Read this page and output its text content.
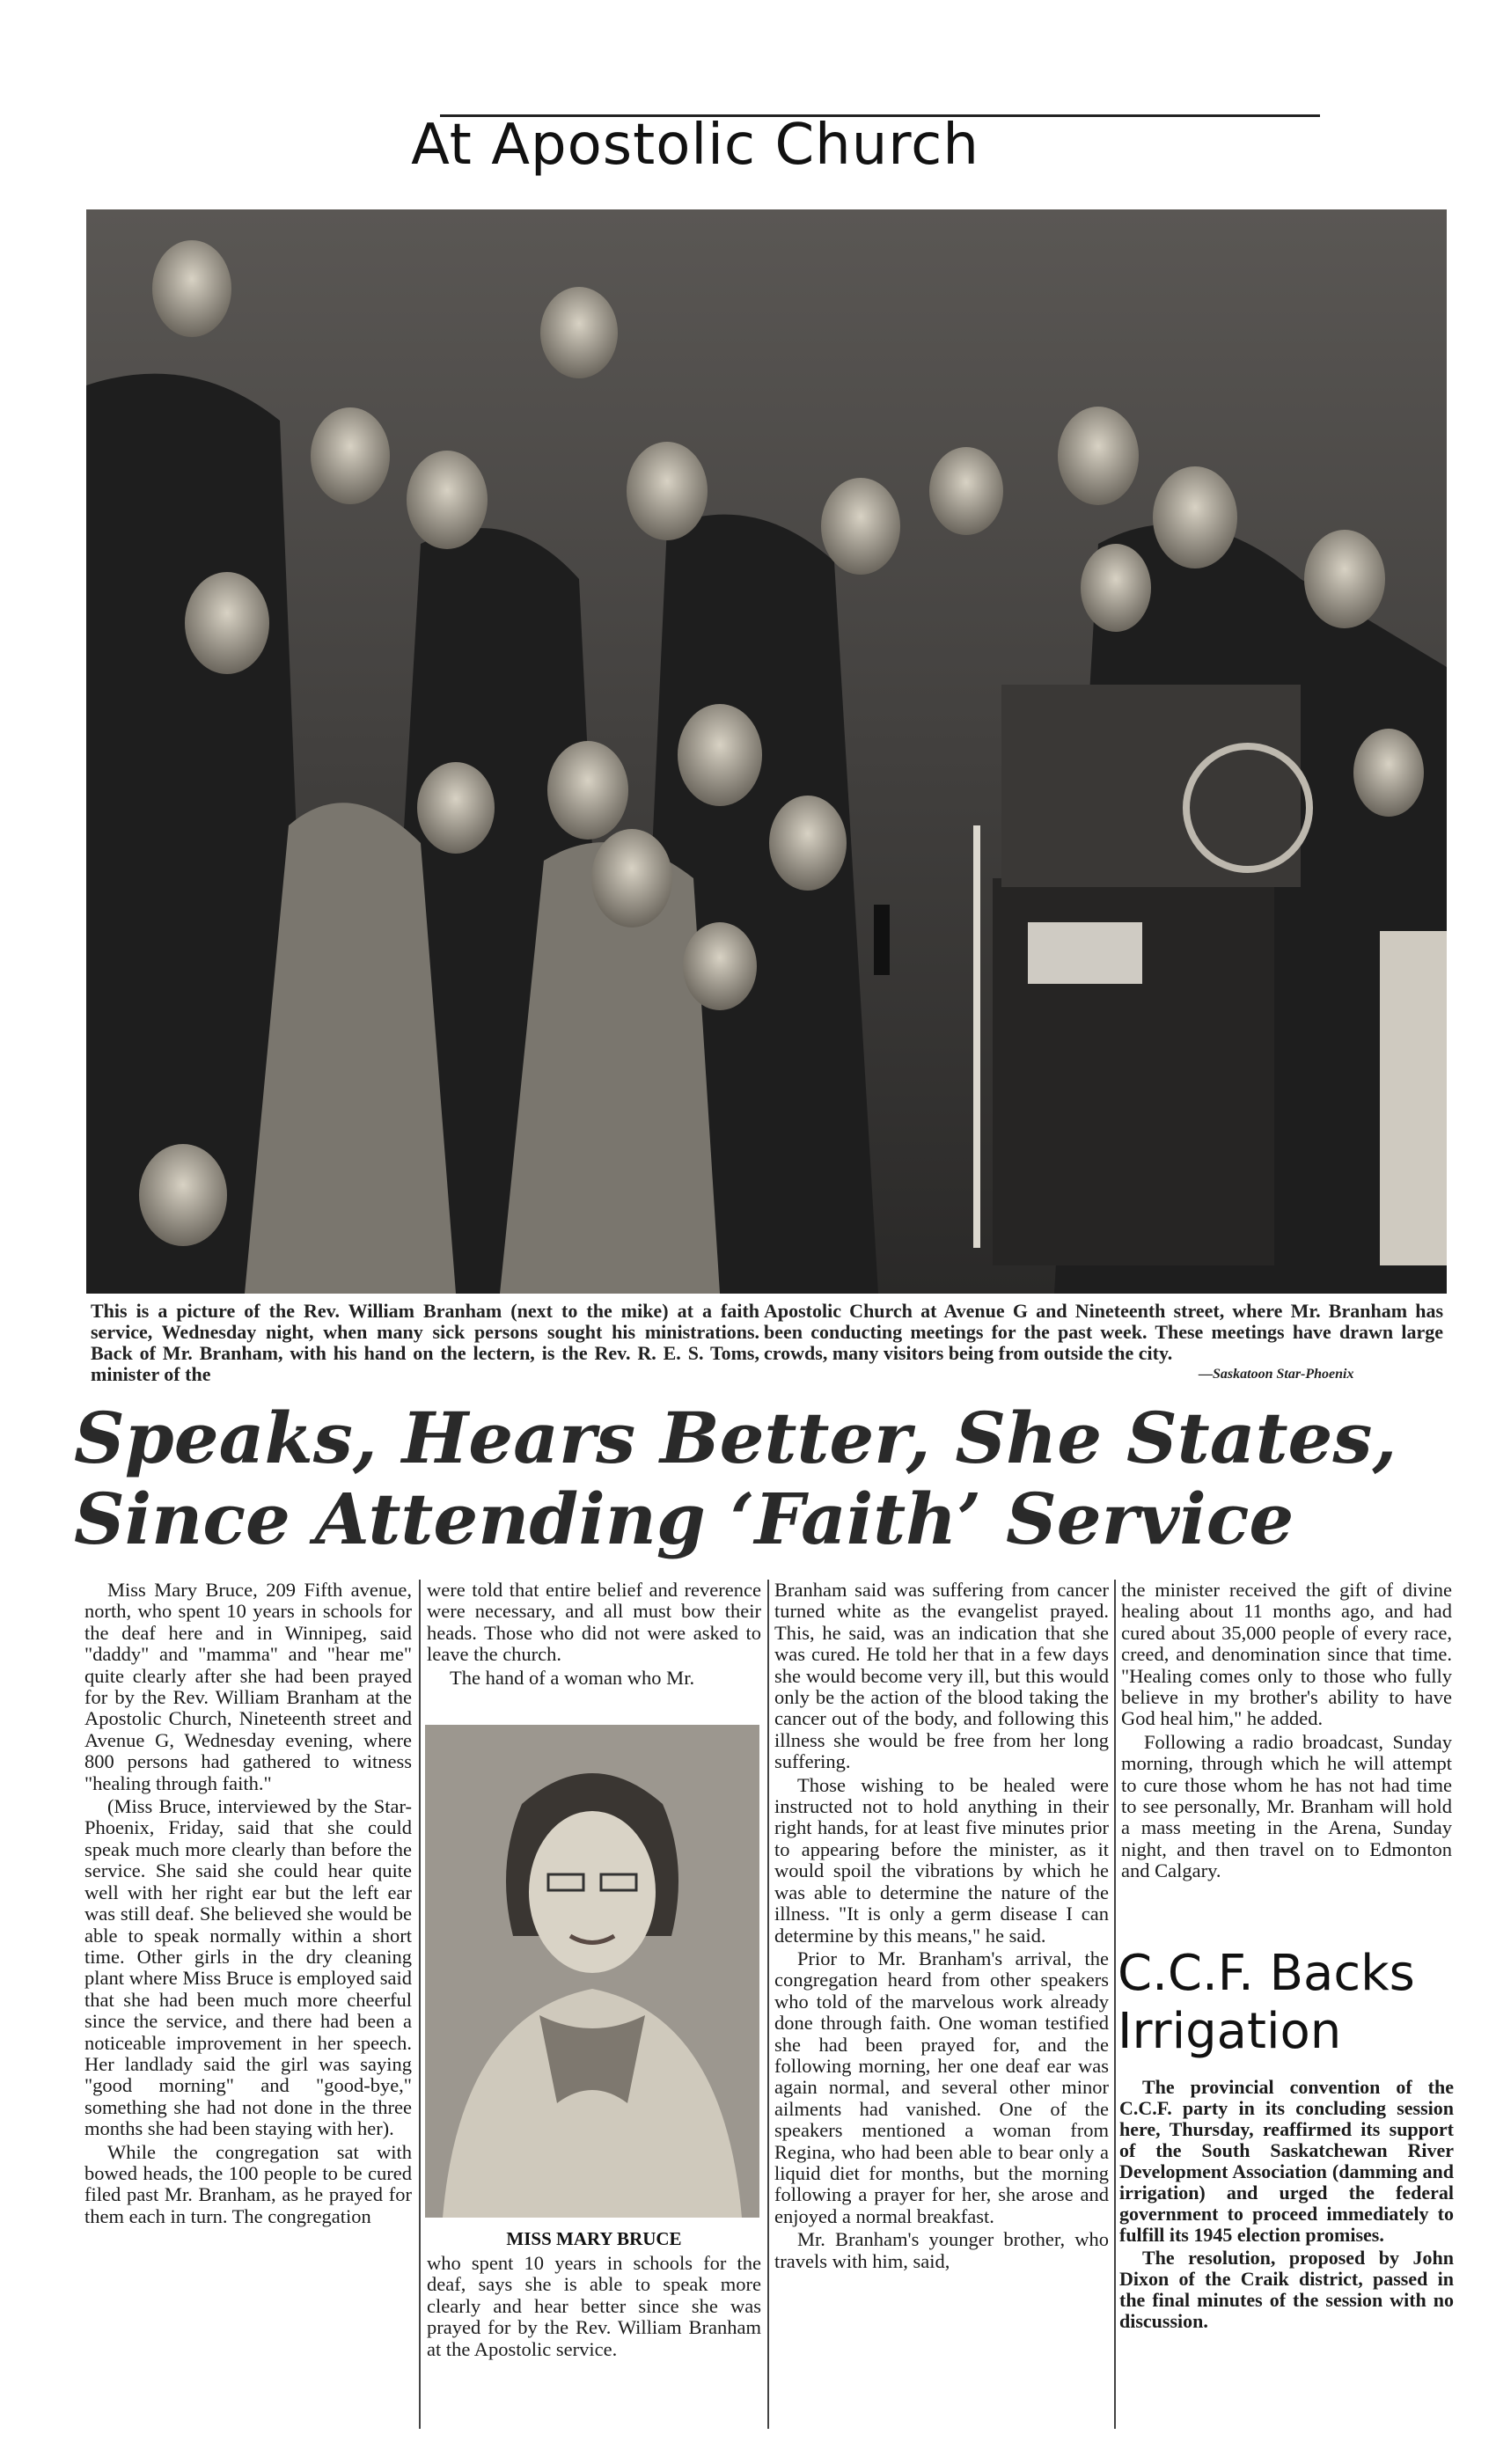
At Apostolic Church
This is a picture of the Rev. William Branham (next to the mike) at a faith service, Wednesday night, when many sick persons sought his ministrations. Back of Mr. Branham, with his hand on the lectern, is the Rev. R. E. S. Toms, minister of the
Apostolic Church at Avenue G and Nineteenth street, where Mr. Branham has been conducting meetings for the past week. These meetings have drawn large crowds, many visitors being from outside the city.
—Saskatoon Star-Phoenix
Speaks, Hears Better, She States,
Since Attending ‘Faith’ Service

Miss Mary Bruce, 209 Fifth avenue, north, who spent 10 years in schools for the deaf here and in Winnipeg, said "daddy" and "mamma" and "hear me" quite clearly after she had been prayed for by the Rev. William Branham at the Apostolic Church, Nineteenth street and Avenue G, Wednesday evening, where 800 persons had gathered to witness "healing through faith."

(Miss Bruce, interviewed by the Star-Phoenix, Friday, said that she could speak much more clearly than before the service. She said she could hear quite well with her right ear but the left ear was still deaf. She believed she would be able to speak normally within a short time. Other girls in the dry cleaning plant where Miss Bruce is employed said that she had been much more cheerful since the service, and there had been a noticeable improvement in her speech. Her landlady said the girl was saying "good morning" and "good-bye," something she had not done in the three months she had been staying with her).

While the congregation sat with bowed heads, the 100 people to be cured filed past Mr. Branham, as he prayed for them each in turn. The congregation

were told that entire belief and reverence were necessary, and all must bow their heads. Those who did not were asked to leave the church.

The hand of a woman who Mr.

MISS MARY BRUCE
who spent 10 years in schools for the deaf, says she is able to speak more clearly and hear better since she was prayed for by the Rev. William Branham at the Apostolic service.

Branham said was suffering from cancer turned white as the evangelist prayed. This, he said, was an indication that she was cured. He told her that in a few days she would become very ill, but this would only be the action of the blood taking the cancer out of the body, and following this illness she would be free from her long suffering.

Those wishing to be healed were instructed not to hold anything in their right hands, for at least five minutes prior to appearing before the minister, as it would spoil the vibrations by which he was able to determine the nature of the illness. "It is only a germ disease I can determine by this means," he said.

Prior to Mr. Branham's arrival, the congregation heard from other speakers who told of the marvelous work already done through faith. One woman testified she had been prayed for, and the following morning, her one deaf ear was again normal, and several other minor ailments had vanished. One of the speakers mentioned a woman from Regina, who had been able to bear only a liquid diet for months, but the morning following a prayer for her, she arose and enjoyed a normal breakfast.

Mr. Branham's younger brother, who travels with him, said,

the minister received the gift of divine healing about 11 months ago, and had cured about 35,000 people of every race, creed, and denomination since that time. "Healing comes only to those who fully believe in my brother's ability to have God heal him," he added.

Following a radio broadcast, Sunday morning, through which he will attempt to cure those whom he has not had time to see personally, Mr. Branham will hold a mass meeting in the Arena, Sunday night, and then travel on to Edmonton and Calgary.

C.C.F. Backs
Irrigation

The provincial convention of the C.C.F. party in its concluding session here, Thursday, reaffirmed its support of the South Saskatchewan River Development Association (damming and irrigation) and urged the federal government to proceed immediately to fulfill its 1945 election promises.

The resolution, proposed by John Dixon of the Craik district, passed in the final minutes of the session with no discussion.
